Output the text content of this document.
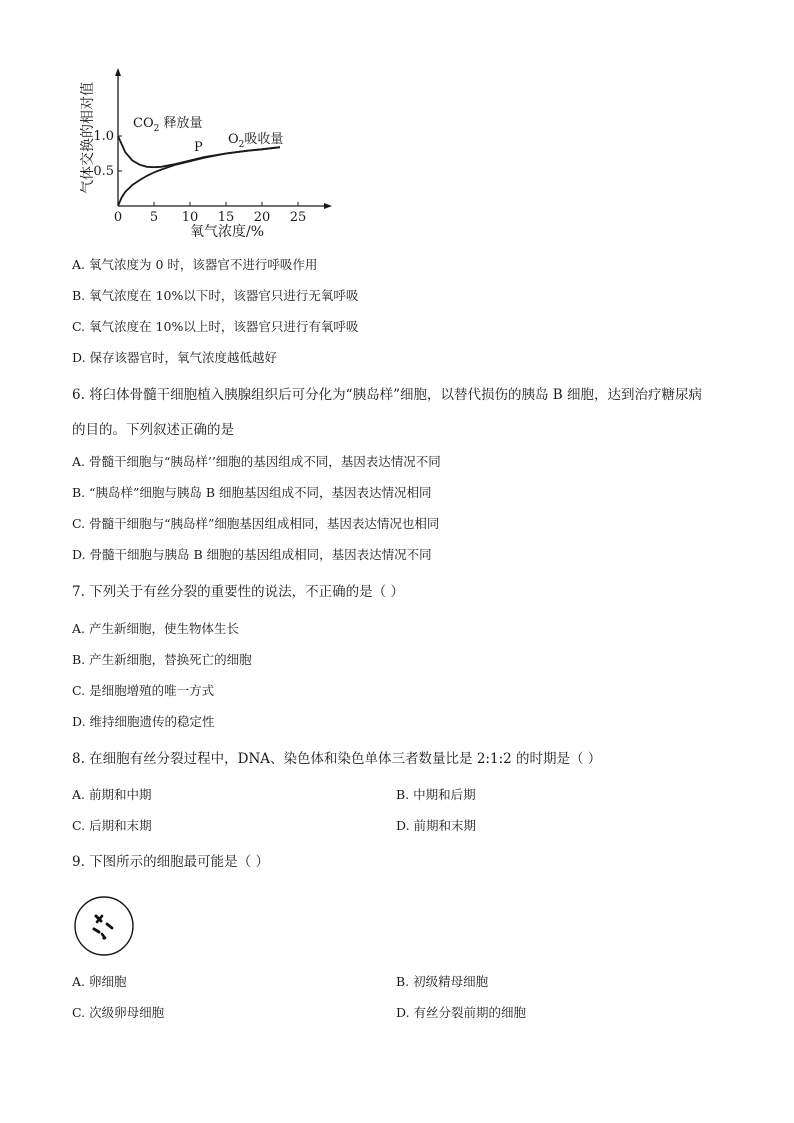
气体交换的相对值
0.5
1.0
0 5 10 15 20 25
$CO_2$ 释放量
$O_2$吸收量
P
氧气浓度/%
A. 氧气浓度为 0 时，该器官不进行呼吸作用
B. 氧气浓度在 10%以下时，该器官只进行无氧呼吸
C. 氧气浓度在 10%以上时，该器官只进行有氧呼吸
D. 保存该器官时，氧气浓度越低越好
6. 将臼体骨髓干细胞植入胰腺组织后可分化为“胰岛样”细胞，以替代损伤的胰岛 B 细胞，达到治疗糖尿病
的目的。下列叙述正确的是
A. 骨髓干细胞与“胰岛样’’细胞的基因组成不同，基因表达情况不同
B. “胰岛样”细胞与胰岛 B 细胞基因组成不同，基因表达情况相同
C. 骨髓干细胞与“胰岛样”细胞基因组成相同，基因表达情况也相同
D. 骨髓干细胞与胰岛 B 细胞的基因组成相同，基因表达情况不同
7. 下列关于有丝分裂的重要性的说法，不正确的是（ ）
A. 产生新细胞，使生物体生长
B. 产生新细胞，替换死亡的细胞
C. 是细胞增殖的唯一方式
D. 维持细胞遗传的稳定性
8. 在细胞有丝分裂过程中，DNA、染色体和染色单体三者数量比是 2:1:2 的时期是（ ）
A. 前期和中期	B. 中期和后期
C. 后期和末期	D. 前期和末期
9. 下图所示的细胞最可能是（ ）
A. 卵细胞	B. 初级精母细胞
C. 次级卵母细胞	D. 有丝分裂前期的细胞
